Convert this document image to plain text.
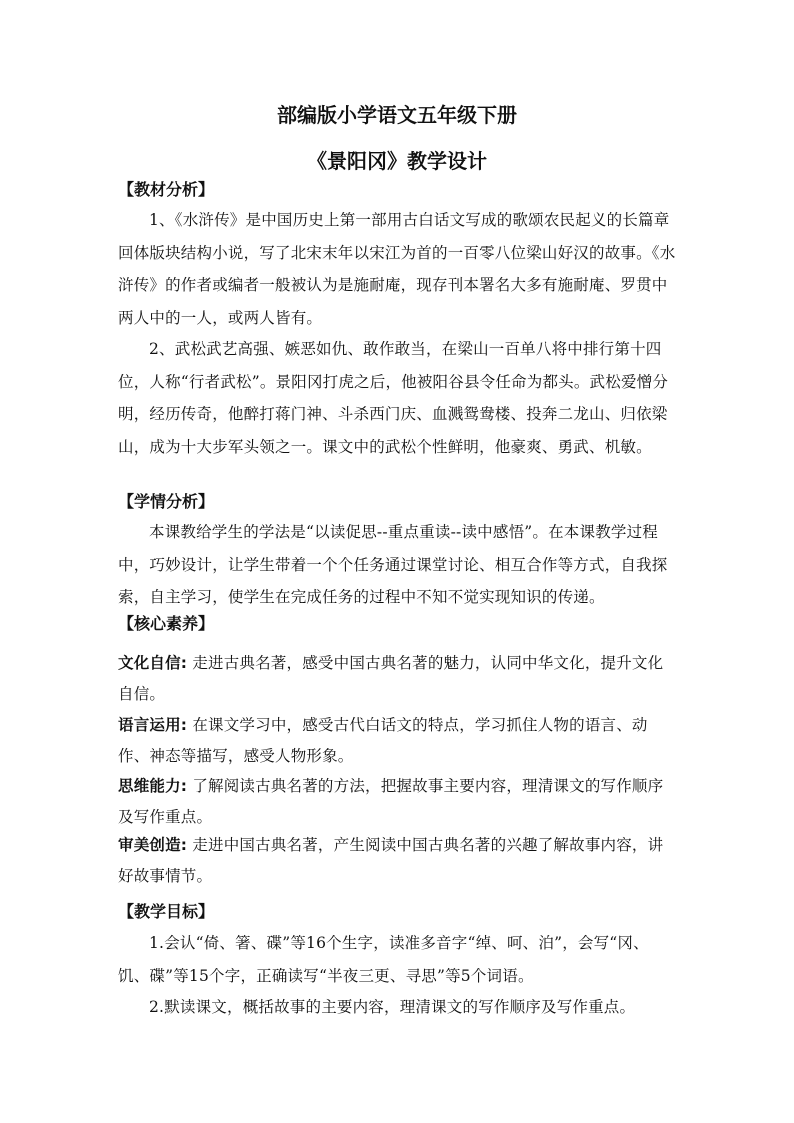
部编版小学语文五年级下册
《景阳冈》教学设计
【教材分析】
1、《水浒传》是中国历史上第一部用古白话文写成的歌颂农民起义的长篇章回体版块结构小说，写了北宋末年以宋江为首的一百零八位梁山好汉的故事。《水浒传》的作者或编者一般被认为是施耐庵，现存刊本署名大多有施耐庵、罗贯中两人中的一人，或两人皆有。
2、武松武艺高强、嫉恶如仇、敢作敢当，在梁山一百单八将中排行第十四位，人称“行者武松”。景阳冈打虎之后，他被阳谷县令任命为都头。武松爱憎分明，经历传奇，他醉打蒋门神、斗杀西门庆、血溅鸳鸯楼、投奔二龙山、归依梁山，成为十大步军头领之一。课文中的武松个性鲜明，他豪爽、勇武、机敏。
【学情分析】
本课教给学生的学法是“以读促思--重点重读--读中感悟”。在本课教学过程中，巧妙设计，让学生带着一个个任务通过课堂讨论、相互合作等方式，自我探索，自主学习，使学生在完成任务的过程中不知不觉实现知识的传递。
【核心素养】
文化自信: 走进古典名著，感受中国古典名著的魅力，认同中华文化，提升文化自信。
语言运用: 在课文学习中，感受古代白话文的特点，学习抓住人物的语言、动作、神态等描写，感受人物形象。
思维能力: 了解阅读古典名著的方法，把握故事主要内容，理清课文的写作顺序及写作重点。
审美创造: 走进中国古典名著，产生阅读中国古典名著的兴趣了解故事内容，讲好故事情节。
【教学目标】
1.会认“倚、箸、碟”等16个生字，读准多音字“绰、呵、泊”，会写“冈、饥、碟”等15个字，正确读写“半夜三更、寻思”等5个词语。
2.默读课文，概括故事的主要内容，理清课文的写作顺序及写作重点。
